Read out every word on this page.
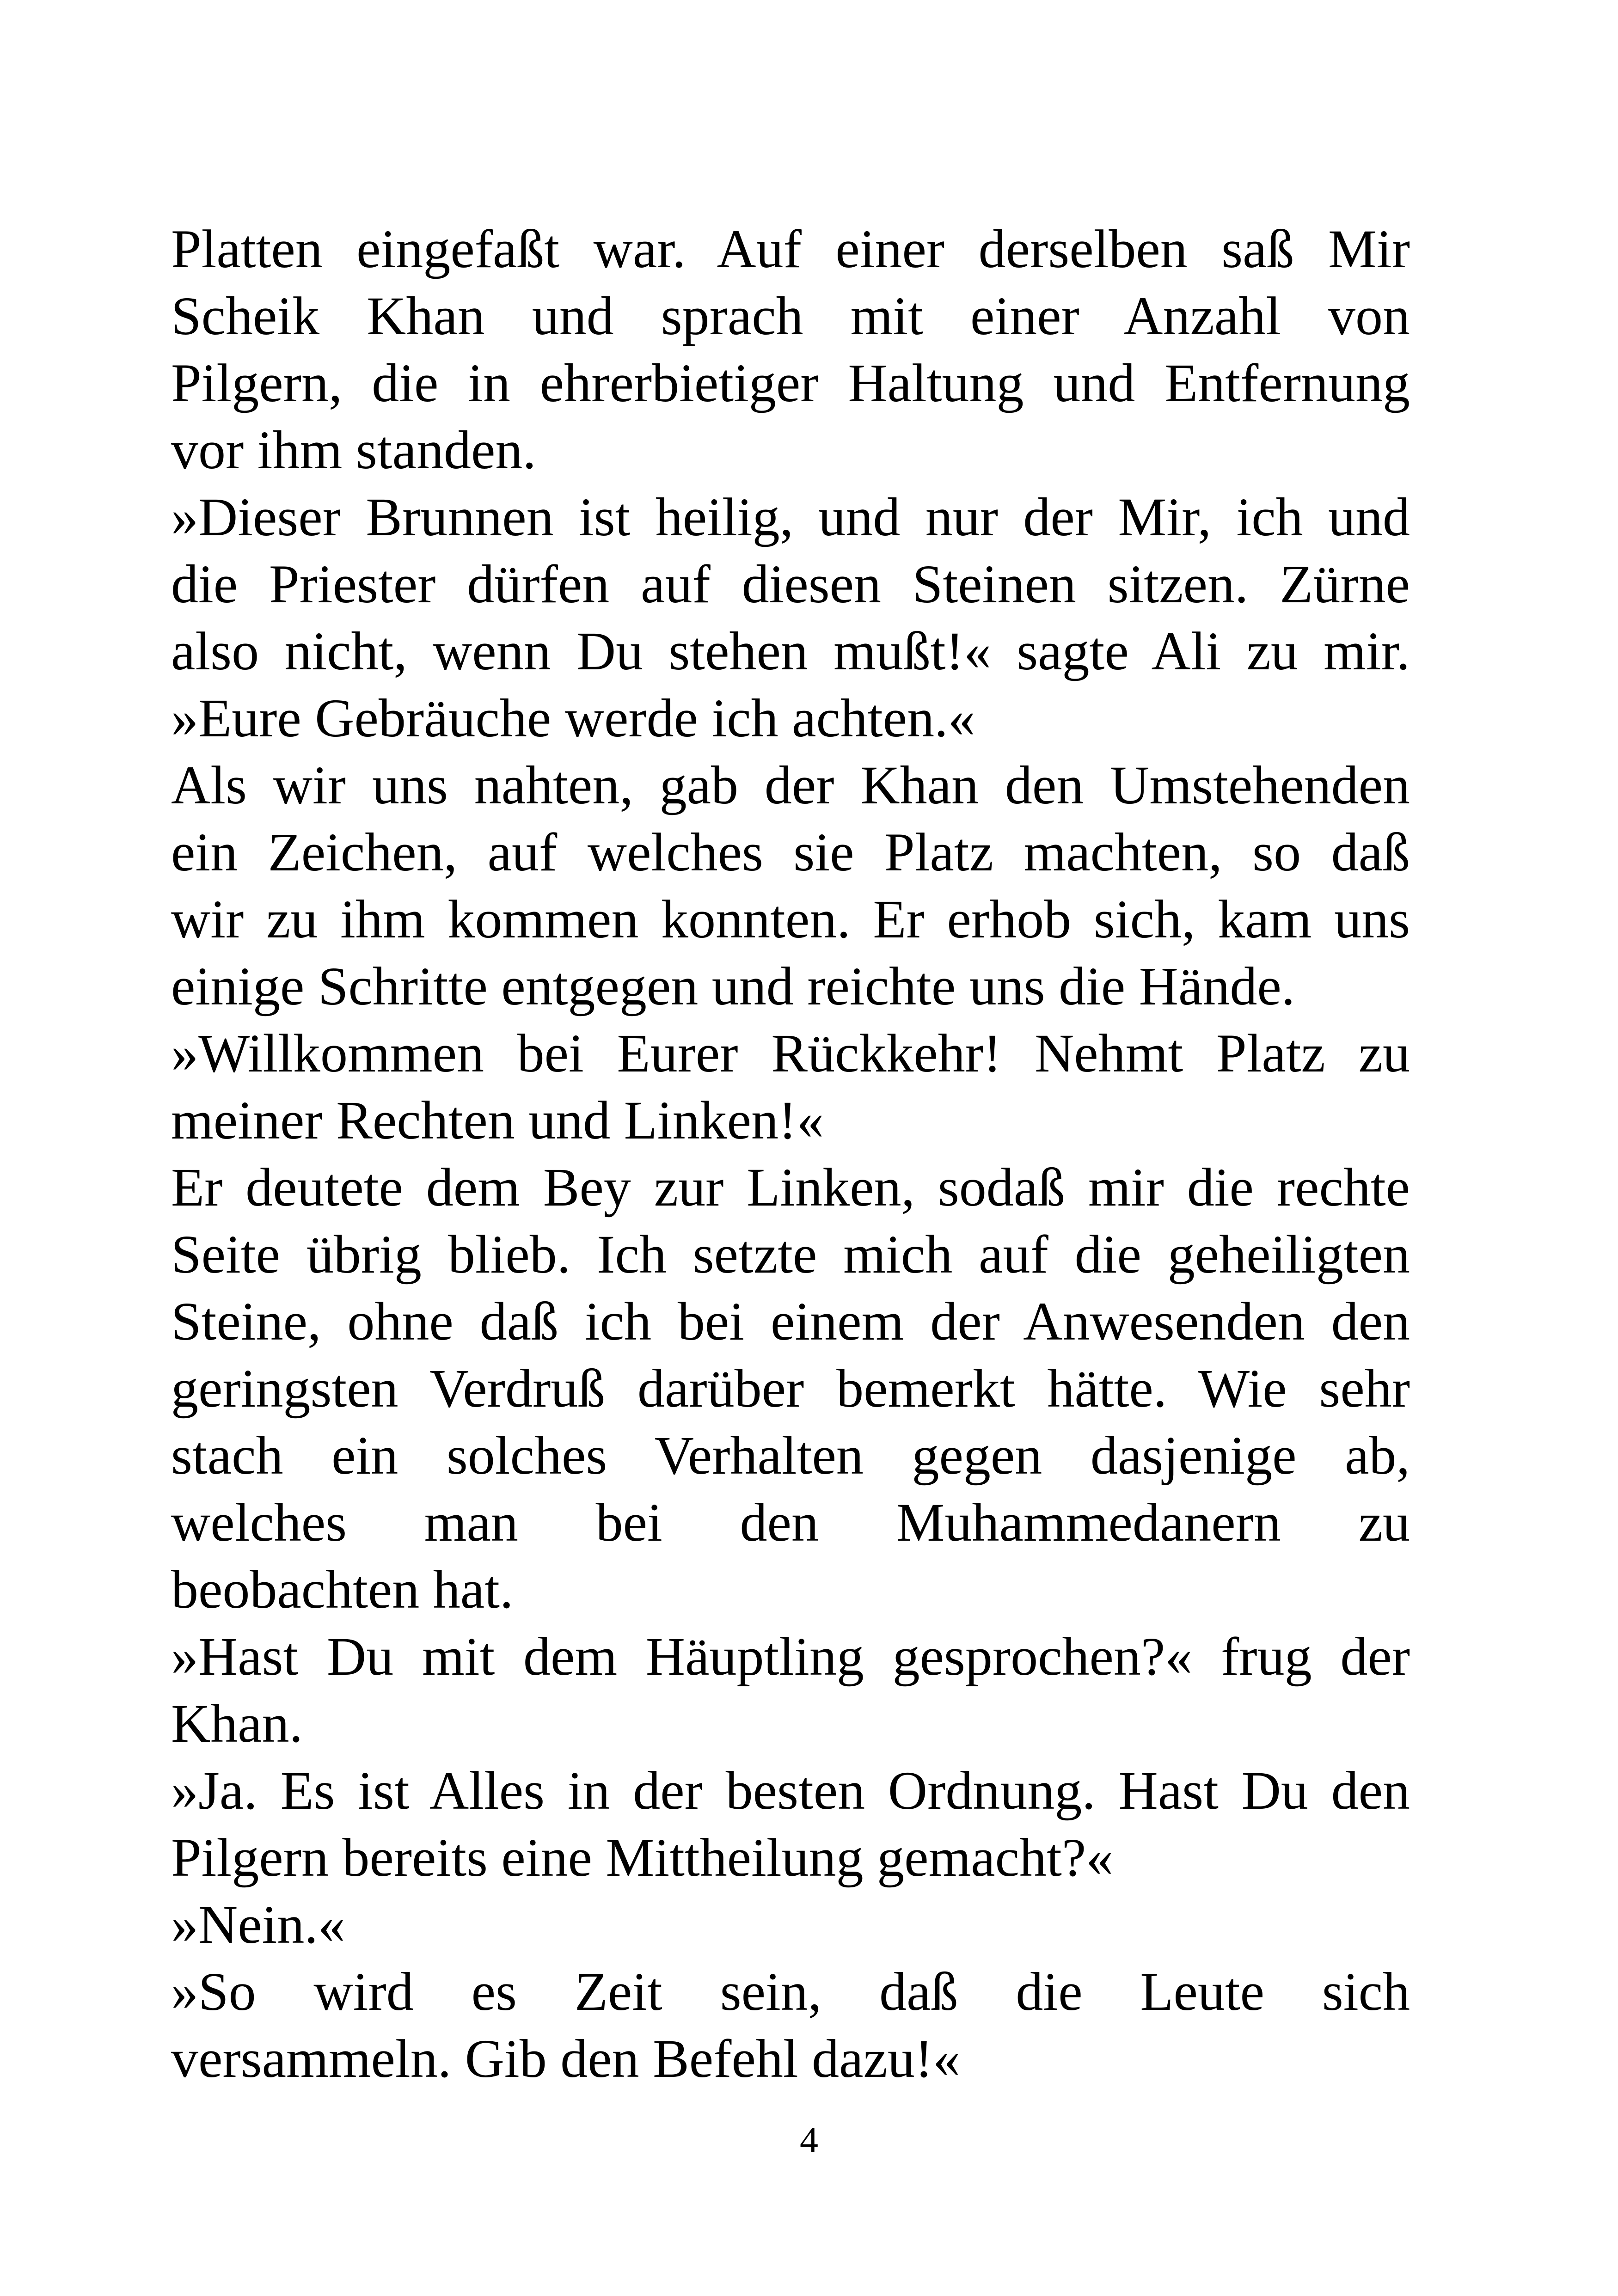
Platten eingefaßt war. Auf einer derselben saß Mir
Scheik Khan und sprach mit einer Anzahl von
Pilgern, die in ehrerbietiger Haltung und Entfernung
vor ihm standen.
»Dieser Brunnen ist heilig, und nur der Mir, ich und
die Priester dürfen auf diesen Steinen sitzen. Zürne
also nicht, wenn Du stehen mußt!« sagte Ali zu mir.
»Eure Gebräuche werde ich achten.«
Als wir uns nahten, gab der Khan den Umstehenden
ein Zeichen, auf welches sie Platz machten, so daß
wir zu ihm kommen konnten. Er erhob sich, kam uns
einige Schritte entgegen und reichte uns die Hände.
»Willkommen bei Eurer Rückkehr! Nehmt Platz zu
meiner Rechten und Linken!«
Er deutete dem Bey zur Linken, sodaß mir die rechte
Seite übrig blieb. Ich setzte mich auf die geheiligten
Steine, ohne daß ich bei einem der Anwesenden den
geringsten Verdruß darüber bemerkt hätte. Wie sehr
stach ein solches Verhalten gegen dasjenige ab,
welches man bei den Muhammedanern zu
beobachten hat.
»Hast Du mit dem Häuptling gesprochen?« frug der
Khan.
»Ja. Es ist Alles in der besten Ordnung. Hast Du den
Pilgern bereits eine Mittheilung gemacht?«
»Nein.«
»So wird es Zeit sein, daß die Leute sich
versammeln. Gib den Befehl dazu!«
4
